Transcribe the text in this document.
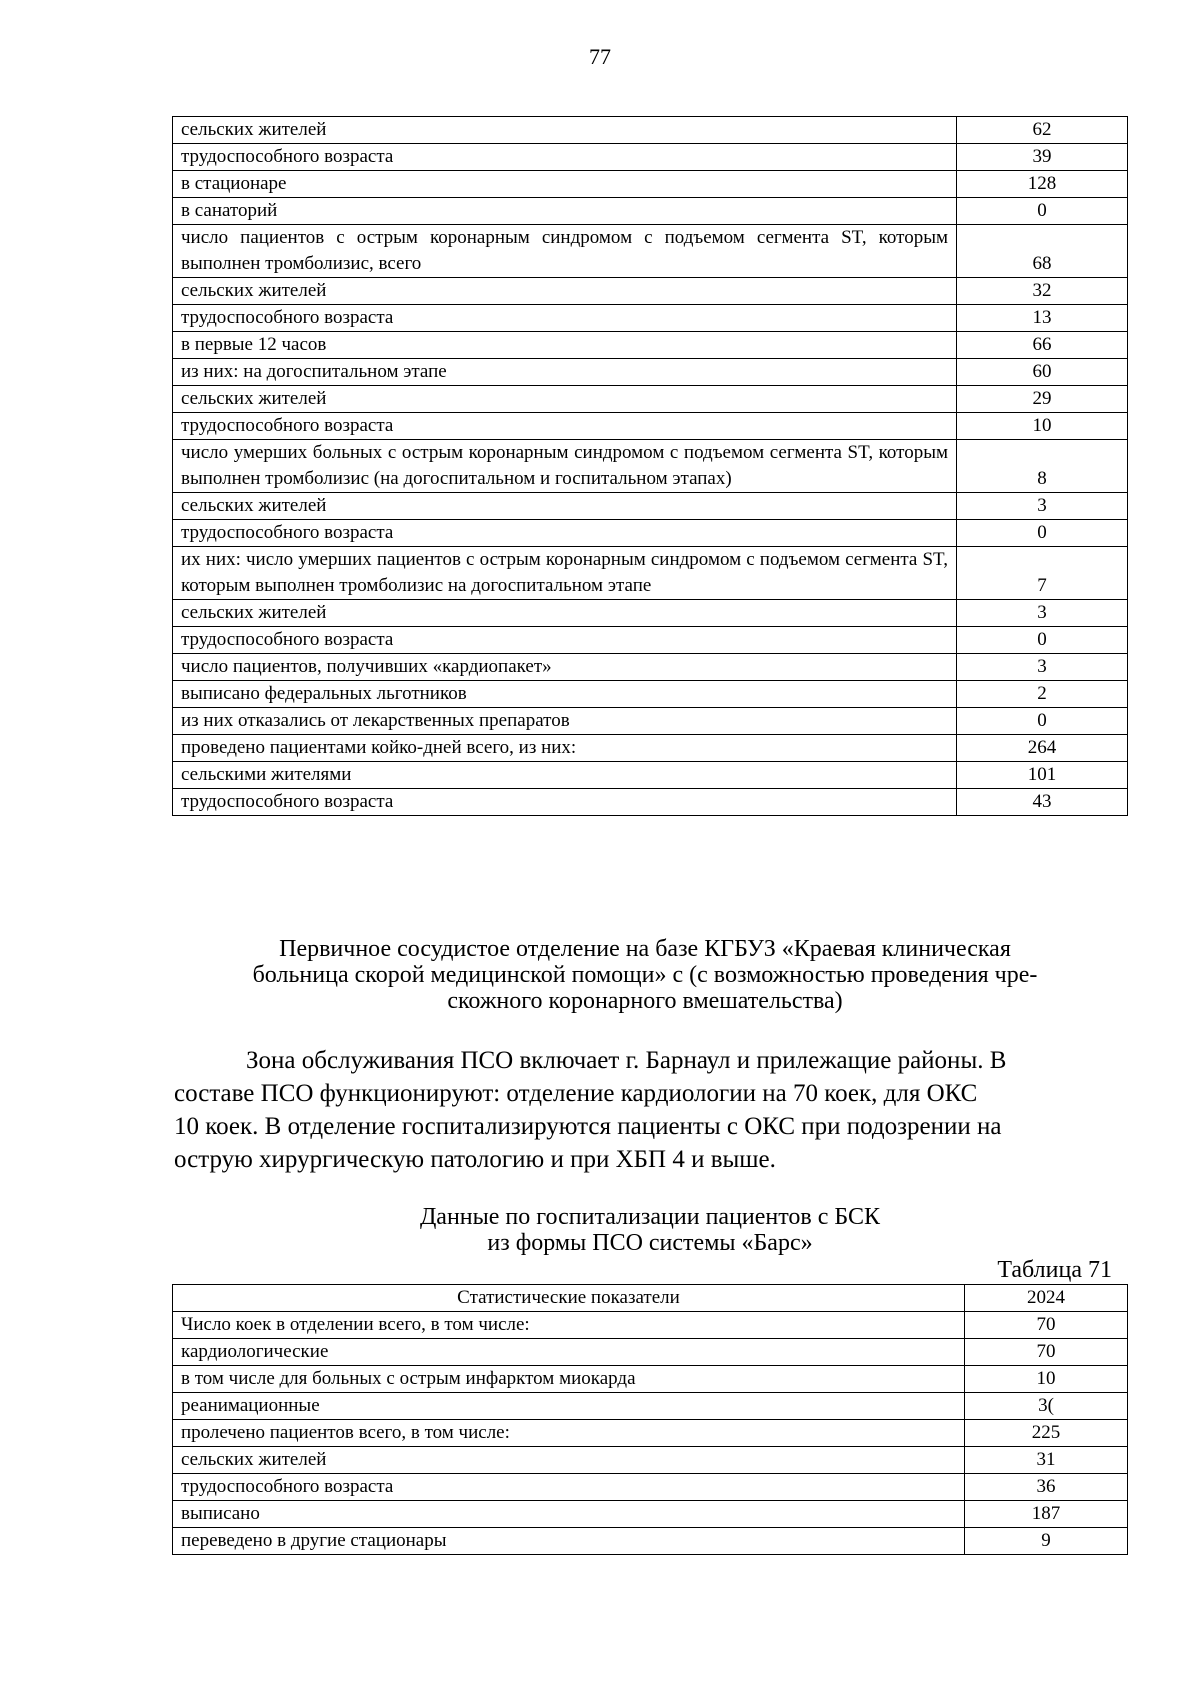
77
сельских жителей	62
трудоспособного возраста	39
в стационаре	128
в санаторий	0
число пациентов с острым коронарным синдромом с подъемом сегмента ST, которым выполнен тромболизис, всего	68
сельских жителей	32
трудоспособного возраста	13
в первые 12 часов	66
из них: на догоспитальном этапе	60
сельских жителей	29
трудоспособного возраста	10
число умерших больных с острым коронарным синдромом с подъемом сегмента ST, которым выполнен тромболизис (на догоспитальном и госпитальном этапах)	8
сельских жителей	3
трудоспособного возраста	0
их них: число умерших пациентов с острым коронарным синдромом с подъемом сегмента ST, которым выполнен тромболизис на догоспитальном этапе	7
сельских жителей	3
трудоспособного возраста	0
число пациентов, получивших «кардиопакет»	3
выписано федеральных льготников	2
из них отказались от лекарственных препаратов	0
проведено пациентами койко-дней всего, из них:	264
сельскими жителями	101
трудоспособного возраста	43
Первичное сосудистое отделение на базе КГБУЗ «Краевая клиническая
больница скорой медицинской помощи» с (с возможностью проведения чре-
скожного коронарного вмешательства)
Зона обслуживания ПСО включает г. Барнаул и прилежащие районы. В
составе ПСО функционируют: отделение кардиологии на 70 коек, для ОКС
10 коек. В отделение госпитализируются пациенты с ОКС при подозрении на
острую хирургическую патологию и при ХБП 4 и выше.
Данные по госпитализации пациентов с БСК
из формы ПСО системы «Барс»
Таблица 71
Статистические показатели	2024
Число коек в отделении всего, в том числе:	70
кардиологические	70
в том числе для больных с острым инфарктом миокарда	10
реанимационные	3(
пролечено пациентов всего, в том числе:	225
сельских жителей	31
трудоспособного возраста	36
выписано	187
переведено в другие стационары	9
